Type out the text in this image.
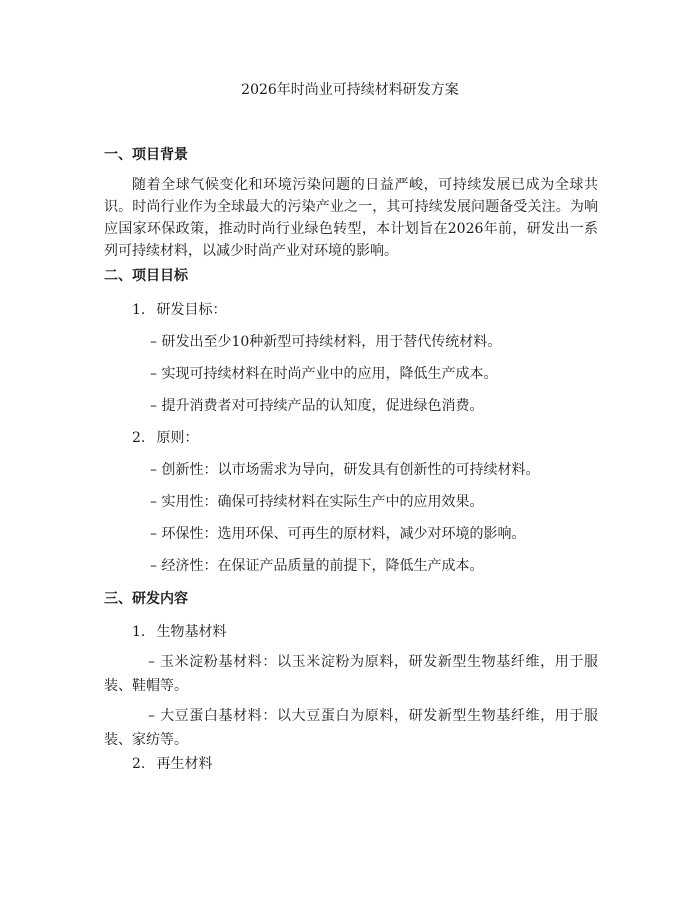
2026年时尚业可持续材料研发方案
一、项目背景
随着全球气候变化和环境污染问题的日益严峻，可持续发展已成为全球共识。时尚行业作为全球最大的污染产业之一，其可持续发展问题备受关注。为响应国家环保政策，推动时尚行业绿色转型，本计划旨在2026年前，研发出一系列可持续材料，以减少时尚产业对环境的影响。
二、项目目标
1. 研发目标：
– 研发出至少10种新型可持续材料，用于替代传统材料。
– 实现可持续材料在时尚产业中的应用，降低生产成本。
– 提升消费者对可持续产品的认知度，促进绿色消费。
2. 原则：
– 创新性：以市场需求为导向，研发具有创新性的可持续材料。
– 实用性：确保可持续材料在实际生产中的应用效果。
– 环保性：选用环保、可再生的原材料，减少对环境的影响。
– 经济性：在保证产品质量的前提下，降低生产成本。
三、研发内容
1. 生物基材料
– 玉米淀粉基材料：以玉米淀粉为原料，研发新型生物基纤维，用于服装、鞋帽等。
– 大豆蛋白基材料：以大豆蛋白为原料，研发新型生物基纤维，用于服装、家纺等。
2. 再生材料
